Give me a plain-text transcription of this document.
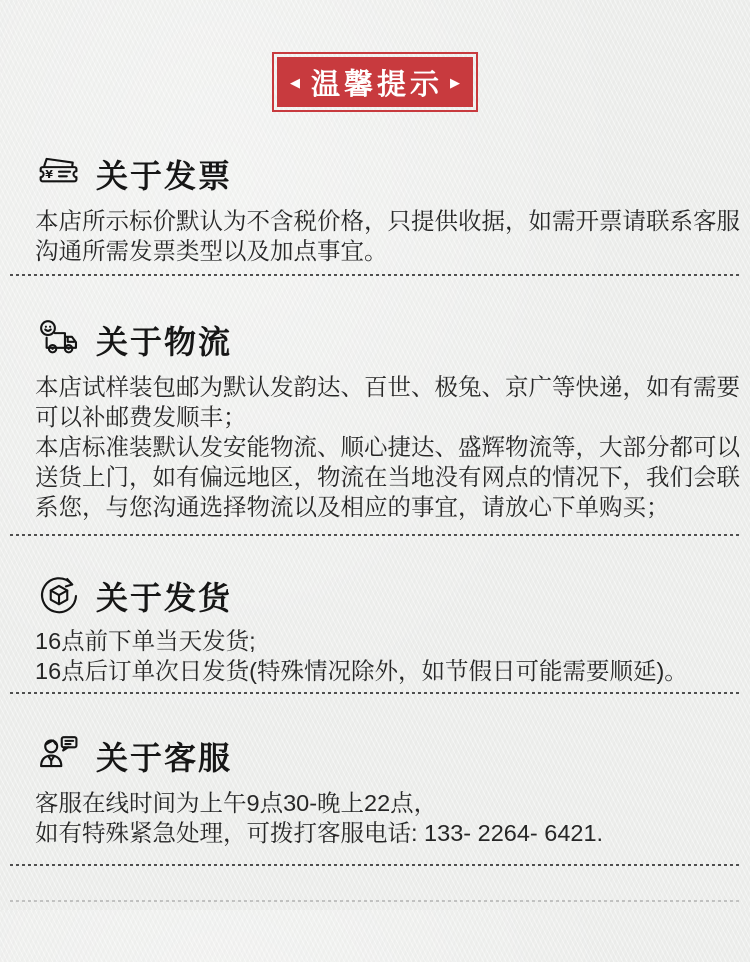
◀ 温馨提示 ▶
¥ 关于发票
本店所示标价默认为不含税价格，只提供收据，如需开票请联系客服
沟通所需发票类型以及加点事宜。
关于物流
本店试样装包邮为默认发韵达、百世、极兔、京广等快递，如有需要
可以补邮费发顺丰；
本店标准装默认发安能物流、顺心捷达、盛辉物流等，大部分都可以
送货上门，如有偏远地区，物流在当地没有网点的情况下，我们会联
系您，与您沟通选择物流以及相应的事宜，请放心下单购买；
关于发货
16点前下单当天发货;
16点后订单次日发货(特殊情况除外，如节假日可能需要顺延)。
关于客服
客服在线时间为上午9点30-晚上22点，
如有特殊紧急处理，可拨打客服电话: 133- 2264- 6421.
